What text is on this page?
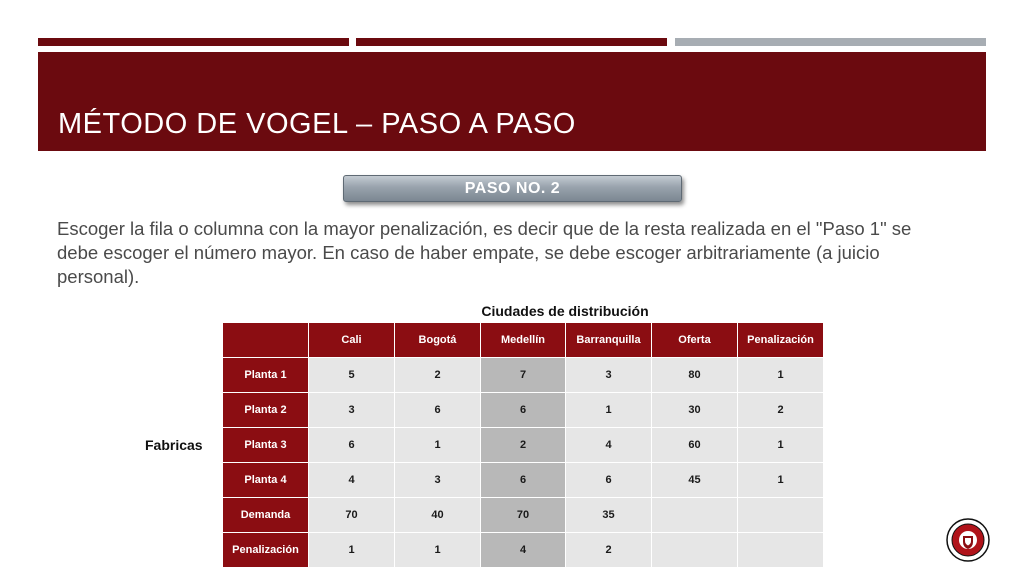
MÉTODO DE VOGEL – PASO A PASO
PASO NO. 2
Escoger la fila o columna con la mayor penalización, es decir que de la resta realizada en el "Paso 1" se debe escoger el número mayor. En caso de haber empate, se debe escoger arbitrariamente (a juicio personal).
Ciudades de distribución
Fabricas
	Cali	Bogotá	Medellín	Barranquilla	Oferta	Penalización
Planta 1	5	2	7	3	80	1
Planta 2	3	6	6	1	30	2
Planta 3	6	1	2	4	60	1
Planta 4	4	3	6	6	45	1
Demanda	70	40	70	35		
Penalización	1	1	4	2		
